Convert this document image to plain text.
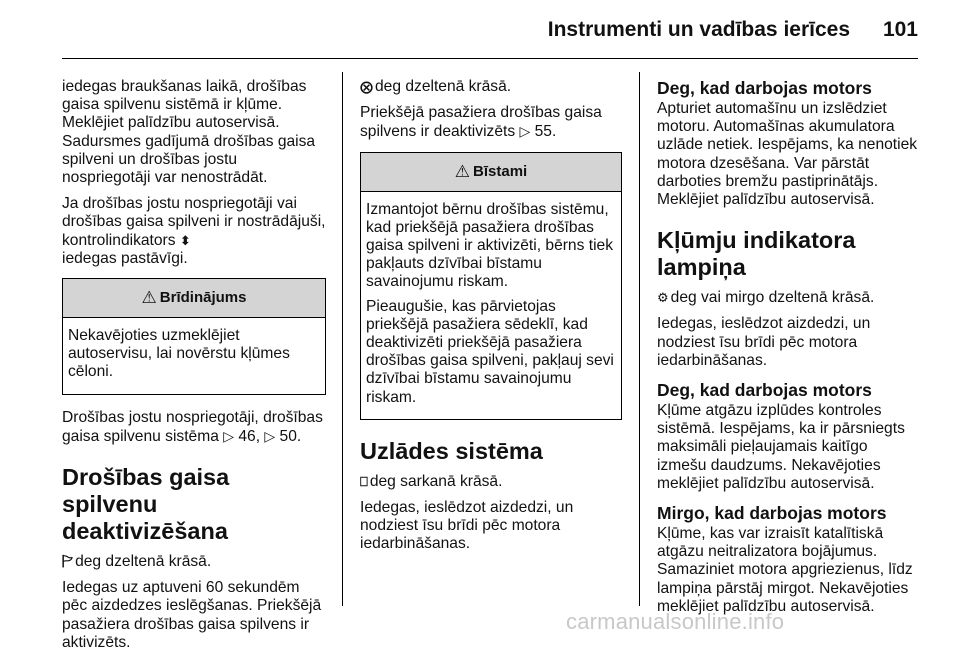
Instrumenti un vadības ierīces 101

iedegas braukšanas laikā, drošības gaisa spilvenu sistēmā ir kļūme. Meklējiet palīdzību autoservisā. Sadursmes gadījumā drošības gaisa spilveni un drošības jostu nospriegotāji var nenostrādāt.

Ja drošības jostu nospriegotāji vai drošības gaisa spilveni ir nostrādājuši, kontrolindikators ⬍
iedegas pastāvīgi.

⚠ Brīdinājums

Nekavējoties uzmeklējiet autoservisu, lai novērstu kļūmes cēloni.

Drošības jostu nospriegotāji, drošības gaisa spilvenu sistēma ▷ 46, ▷ 50.

Drošības gaisa spilvenu deaktivizēšana

🏱 deg dzeltenā krāsā.

Iedegas uz aptuveni 60 sekundēm pēc aizdedzes ieslēgšanas. Priekšējā pasažiera drošības gaisa spilvens ir aktivizēts.

⨂ deg dzeltenā krāsā.

Priekšējā pasažiera drošības gaisa spilvens ir deaktivizēts ▷ 55.

⚠ Bīstami

Izmantojot bērnu drošības sistēmu, kad priekšējā pasažiera drošības gaisa spilveni ir aktivizēti, bērns tiek pakļauts dzīvībai bīstamu savainojumu riskam.

Pieaugušie, kas pārvietojas priekšējā pasažiera sēdeklī, kad deaktivizēti priekšējā pasažiera drošības gaisa spilveni, pakļauj sevi dzīvībai bīstamu savainojumu riskam.

Uzlādes sistēma

⎕ deg sarkanā krāsā.

Iedegas, ieslēdzot aizdedzi, un nodziest īsu brīdi pēc motora iedarbināšanas.

Deg, kad darbojas motors

Apturiet automašīnu un izslēdziet motoru. Automašīnas akumulatora uzlāde netiek. Iespējams, ka nenotiek motora dzesēšana. Var pārstāt darboties bremžu pastiprinātājs. Meklējiet palīdzību autoservisā.

Kļūmju indikatora lampiņa

⚙ deg vai mirgo dzeltenā krāsā.

Iedegas, ieslēdzot aizdedzi, un nodziest īsu brīdi pēc motora iedarbināšanas.

Deg, kad darbojas motors

Kļūme atgāzu izplūdes kontroles sistēmā. Iespējams, ka ir pārsniegts maksimāli pieļaujamais kaitīgo izmešu daudzums. Nekavējoties meklējiet palīdzību autoservisā.

Mirgo, kad darbojas motors

Kļūme, kas var izraisīt katalītiskā atgāzu neitralizatora bojājumus. Samaziniet motora apgriezienus, līdz lampiņa pārstāj mirgot. Nekavējoties meklējiet palīdzību autoservisā.

carmanualsonline.info
